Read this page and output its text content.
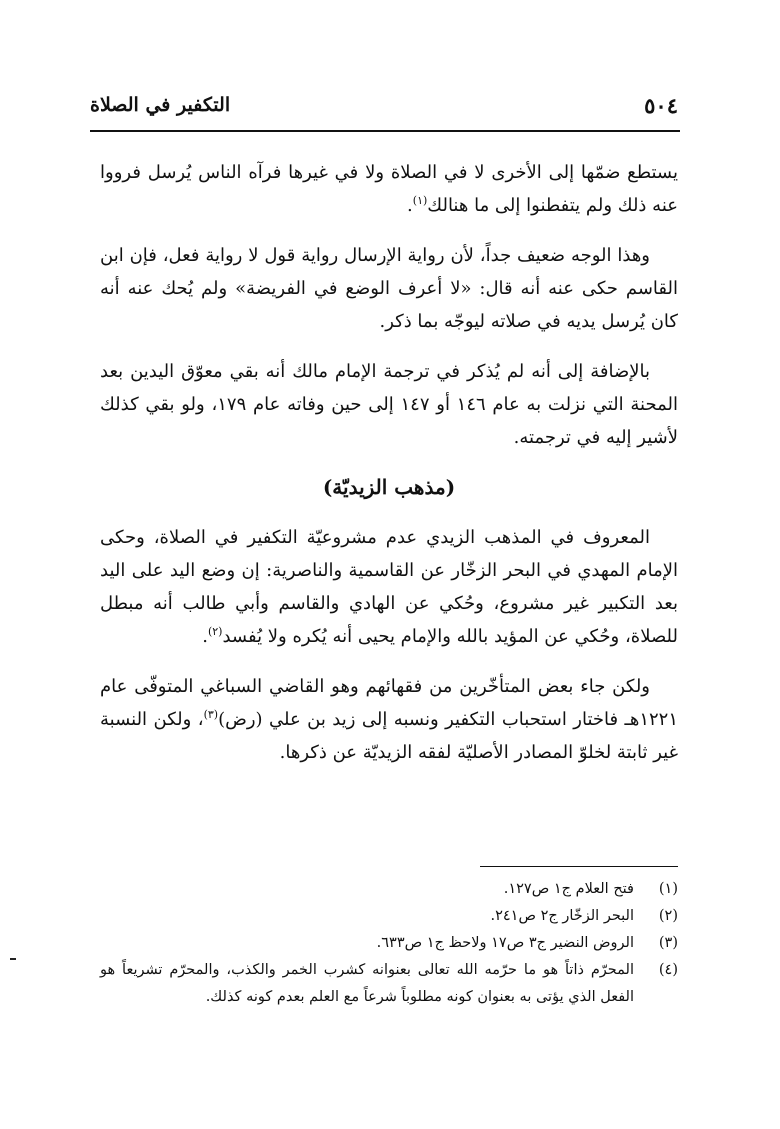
٥٠٤
التكفير في الصلاة

يستطع ضمّها إلى الأخرى لا في الصلاة ولا في غيرها فرآه الناس يُرسل فرووا عنه ذلك ولم يتفطنوا إلى ما هنالك$^{(١)}$.

وهذا الوجه ضعيف جداً، لأن رواية الإرسال رواية قول لا رواية فعل، فإن ابن القاسم حكى عنه أنه قال: «لا أعرف الوضع في الفريضة» ولم يُحك عنه أنه كان يُرسل يديه في صلاته ليوجّه بما ذكر.

بالإضافة إلى أنه لم يُذكر في ترجمة الإمام مالك أنه بقي معوّق اليدين بعد المحنة التي نزلت به عام ١٤٦ أو ١٤٧ إلى حين وفاته عام ١٧٩، ولو بقي كذلك لأشير إليه في ترجمته.

(مذهب الزيديّة)

المعروف في المذهب الزيدي عدم مشروعيّة التكفير في الصلاة، وحكى الإمام المهدي في البحر الزخّار عن القاسمية والناصرية: إن وضع اليد على اليد بعد التكبير غير مشروع، وحُكي عن الهادي والقاسم وأبي طالب أنه مبطل للصلاة، وحُكي عن المؤيد بالله والإمام يحيى أنه يُكره ولا يُفسد$^{(٢)}$.

ولكن جاء بعض المتأخّرين من فقهائهم وهو القاضي السباغي المتوفّى عام ١٢٢١هـ فاختار استحباب التكفير ونسبه إلى زيد بن علي (رض)$^{(٣)}$، ولكن النسبة غير ثابتة لخلوّ المصادر الأصليّة لفقه الزيديّة عن ذكرها.

(١)
فتح العلام ج١ ص١٢٧.
(٢)
البحر الزخّار ج٢ ص٢٤١.
(٣)
الروض النضير ج٣ ص١٧ ولاحظ ج١ ص٦٣٣.
(٤)
المحرّم ذاتاً هو ما حرّمه الله تعالى بعنوانه كشرب الخمر والكذب، والمحرّم تشريعاً هو الفعل الذي يؤتى به بعنوان كونه مطلوباً شرعاً مع العلم بعدم كونه كذلك.
